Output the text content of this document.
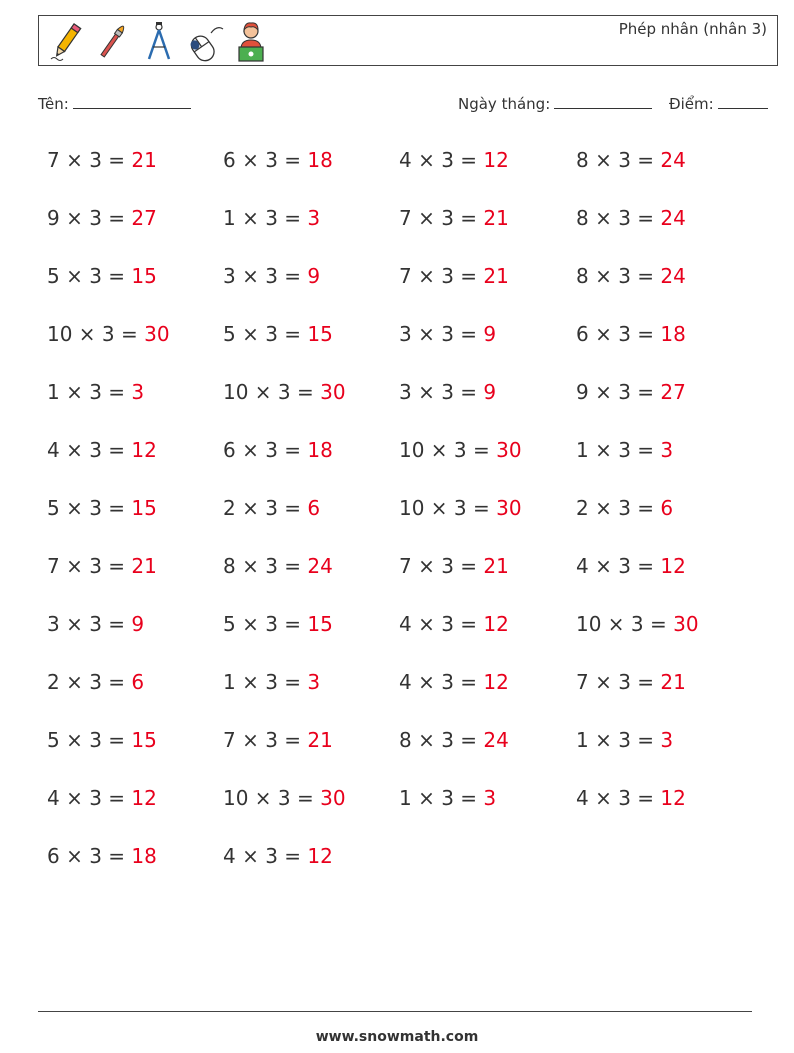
Phép nhân (nhân 3)
Tên:	Ngày tháng:	Điểm:
7 × 3 = 21	6 × 3 = 18	4 × 3 = 12	8 × 3 = 24
9 × 3 = 27	1 × 3 = 3	7 × 3 = 21	8 × 3 = 24
5 × 3 = 15	3 × 3 = 9	7 × 3 = 21	8 × 3 = 24
10 × 3 = 30	5 × 3 = 15	3 × 3 = 9	6 × 3 = 18
1 × 3 = 3	10 × 3 = 30	3 × 3 = 9	9 × 3 = 27
4 × 3 = 12	6 × 3 = 18	10 × 3 = 30	1 × 3 = 3
5 × 3 = 15	2 × 3 = 6	10 × 3 = 30	2 × 3 = 6
7 × 3 = 21	8 × 3 = 24	7 × 3 = 21	4 × 3 = 12
3 × 3 = 9	5 × 3 = 15	4 × 3 = 12	10 × 3 = 30
2 × 3 = 6	1 × 3 = 3	4 × 3 = 12	7 × 3 = 21
5 × 3 = 15	7 × 3 = 21	8 × 3 = 24	1 × 3 = 3
4 × 3 = 12	10 × 3 = 30	1 × 3 = 3	4 × 3 = 12
6 × 3 = 18	4 × 3 = 12
www.snowmath.com
